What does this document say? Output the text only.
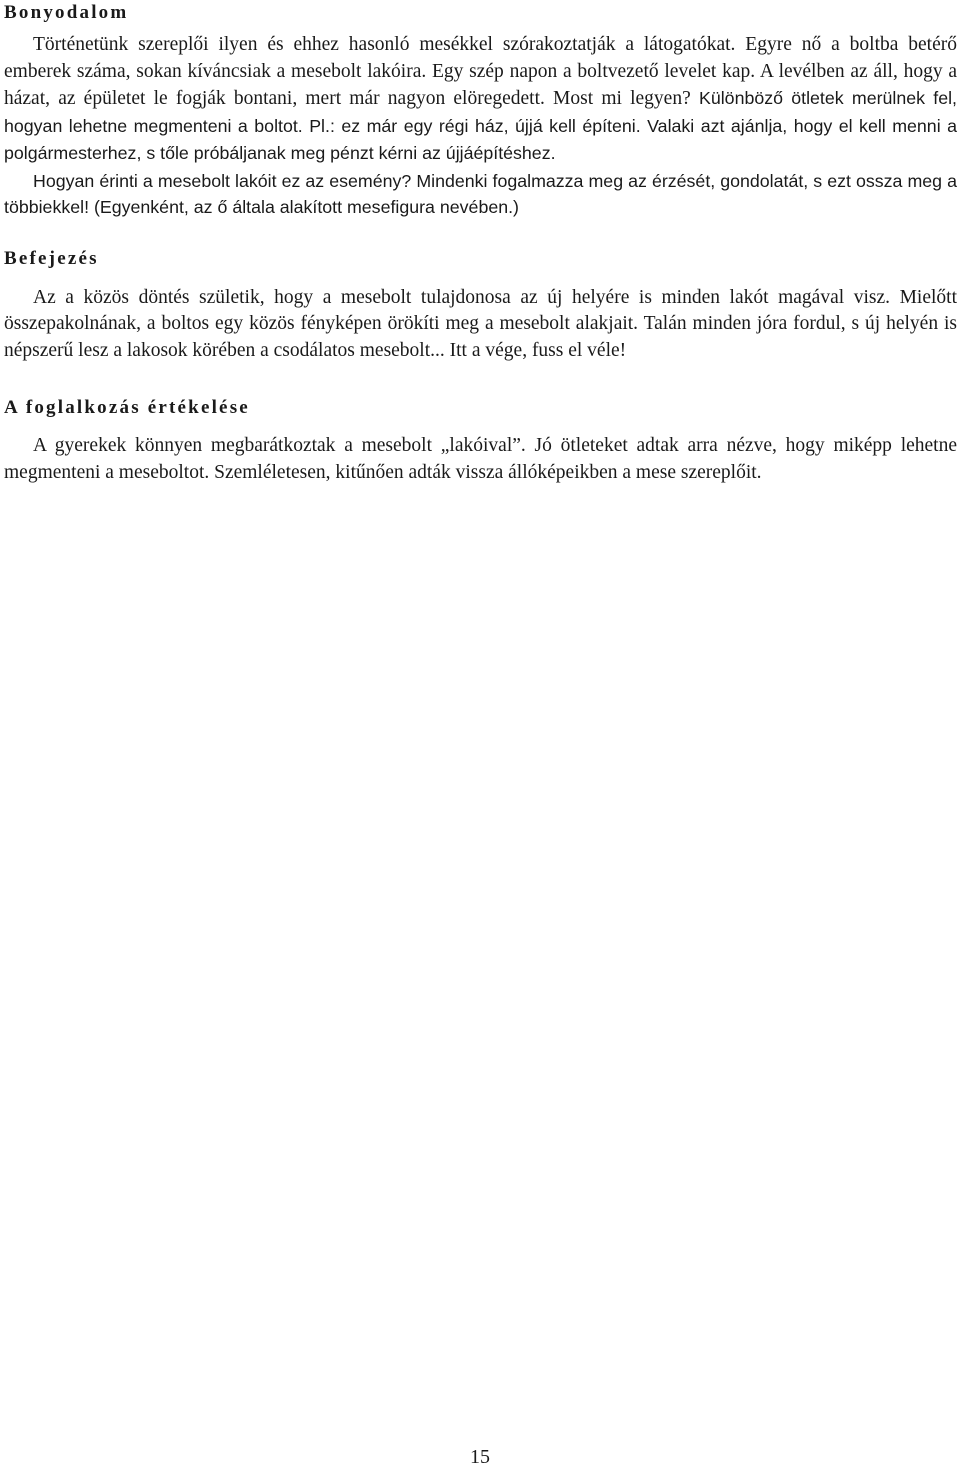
Bonyodalom

Történetünk szereplői ilyen és ehhez hasonló mesékkel szórakoztatják a látogatókat. Egyre nő a boltba betérő emberek száma, sokan kíváncsiak a mesebolt lakóira. Egy szép napon a boltvezető levelet kap. A levélben az áll, hogy a házat, az épületet le fogják bontani, mert már nagyon elöregedett. Most mi legyen? Különböző ötletek merülnek fel, hogyan lehetne megmenteni a boltot. Pl.: ez már egy régi ház, újjá kell építeni. Valaki azt ajánlja, hogy el kell menni a polgármesterhez, s tőle próbáljanak meg pénzt kérni az újjáépítéshez.

Hogyan érinti a mesebolt lakóit ez az esemény? Mindenki fogalmazza meg az érzését, gondolatát, s ezt ossza meg a többiekkel! (Egyenként, az ő általa alakított mesefigura nevében.)

Befejezés

Az a közös döntés születik, hogy a mesebolt tulajdonosa az új helyére is minden lakót magával visz. Mielőtt összepakolnának, a boltos egy közös fényképen örökíti meg a mesebolt alakjait. Talán minden jóra fordul, s új helyén is népszerű lesz a lakosok körében a csodálatos mesebolt... Itt a vége, fuss el véle!

A foglalkozás értékelése

A gyerekek könnyen megbarátkoztak a mesebolt „lakóival”. Jó ötleteket adtak arra nézve, hogy miképp lehetne megmenteni a meseboltot. Szemléletesen, kitűnően adták vissza állóképeikben a mese szereplőit.

15
